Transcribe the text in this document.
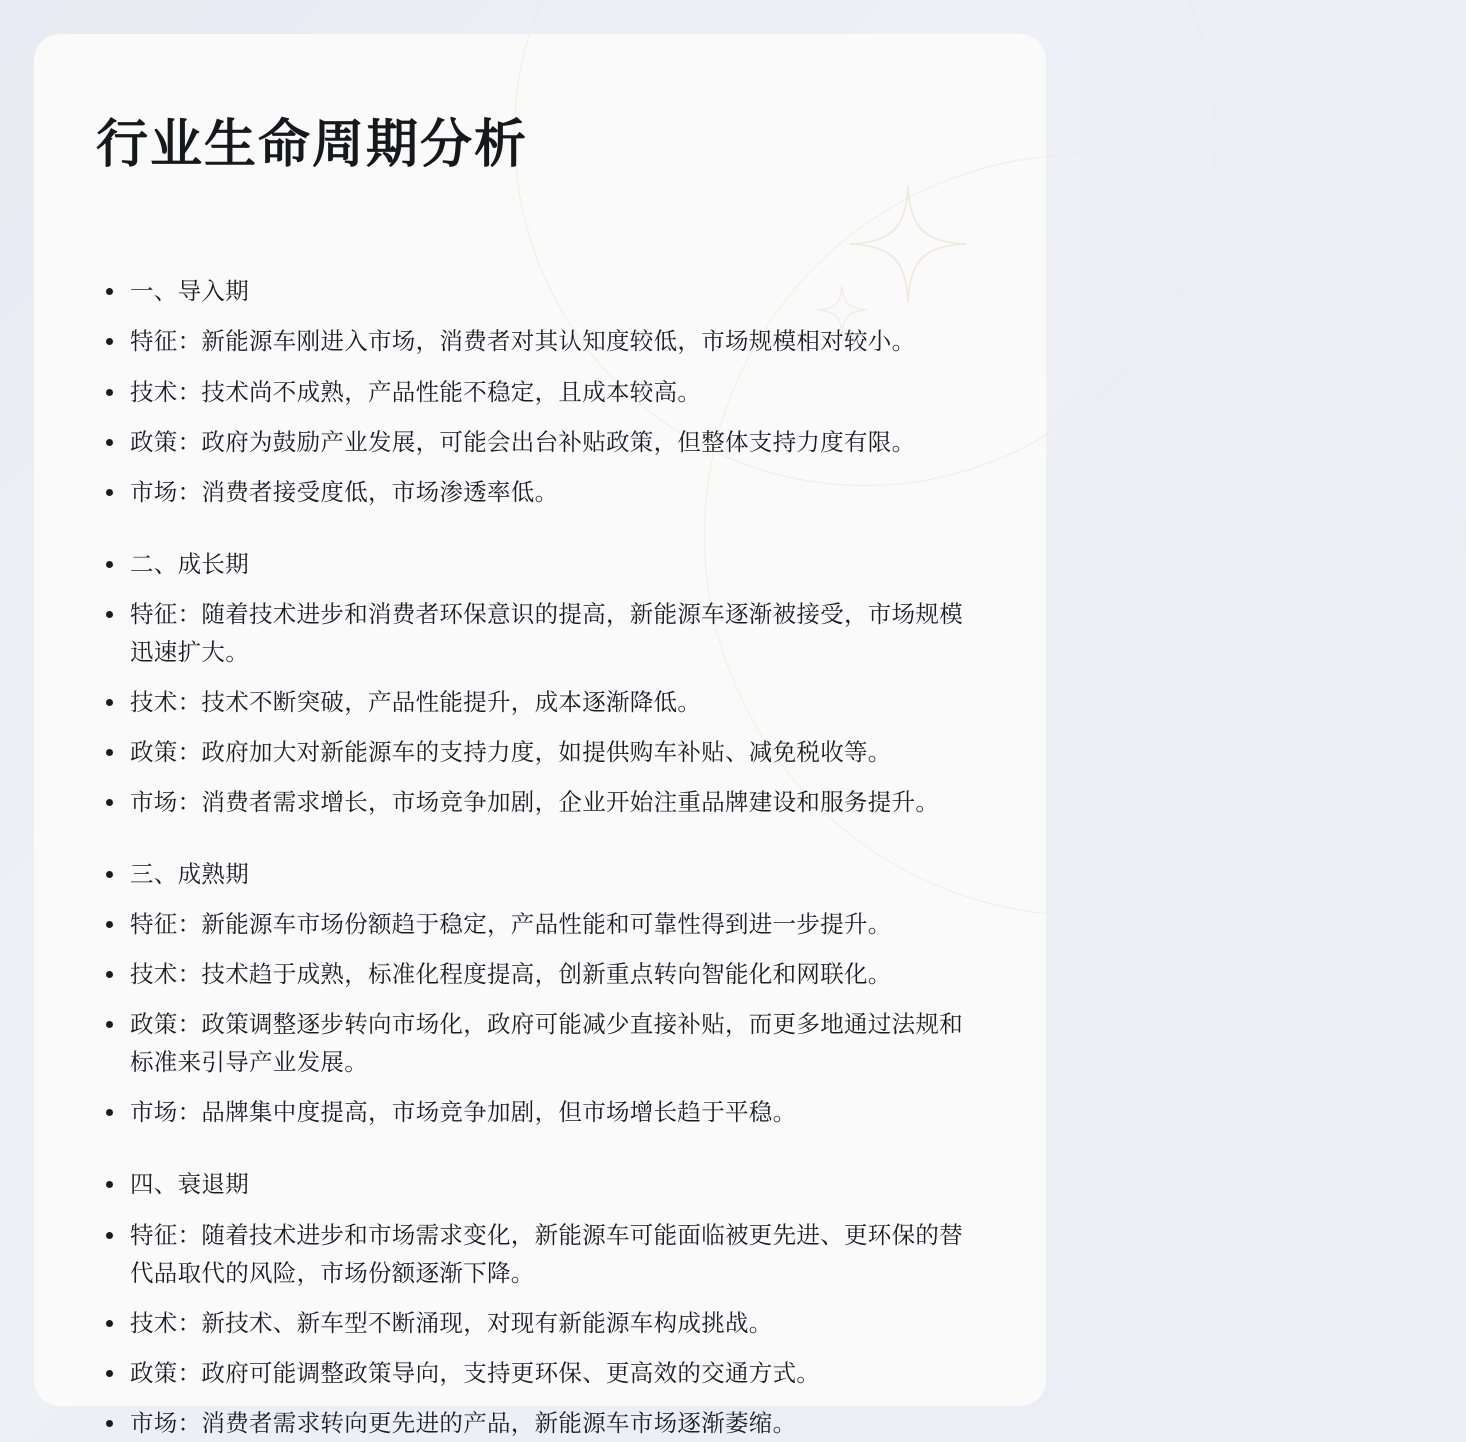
行业生命周期分析
一、导入期
特征：新能源车刚进入市场，消费者对其认知度较低，市场规模相对较小。
技术：技术尚不成熟，产品性能不稳定，且成本较高。
政策：政府为鼓励产业发展，可能会出台补贴政策，但整体支持力度有限。
市场：消费者接受度低，市场渗透率低。
二、成长期
特征：随着技术进步和消费者环保意识的提高，新能源车逐渐被接受，市场规模迅速扩大。
技术：技术不断突破，产品性能提升，成本逐渐降低。
政策：政府加大对新能源车的支持力度，如提供购车补贴、减免税收等。
市场：消费者需求增长，市场竞争加剧，企业开始注重品牌建设和服务提升。
三、成熟期
特征：新能源车市场份额趋于稳定，产品性能和可靠性得到进一步提升。
技术：技术趋于成熟，标准化程度提高，创新重点转向智能化和网联化。
政策：政策调整逐步转向市场化，政府可能减少直接补贴，而更多地通过法规和标准来引导产业发展。
市场：品牌集中度提高，市场竞争加剧，但市场增长趋于平稳。
四、衰退期
特征：随着技术进步和市场需求变化，新能源车可能面临被更先进、更环保的替代品取代的风险，市场份额逐渐下降。
技术：新技术、新车型不断涌现，对现有新能源车构成挑战。
政策：政府可能调整政策导向，支持更环保、更高效的交通方式。
市场：消费者需求转向更先进的产品，新能源车市场逐渐萎缩。
